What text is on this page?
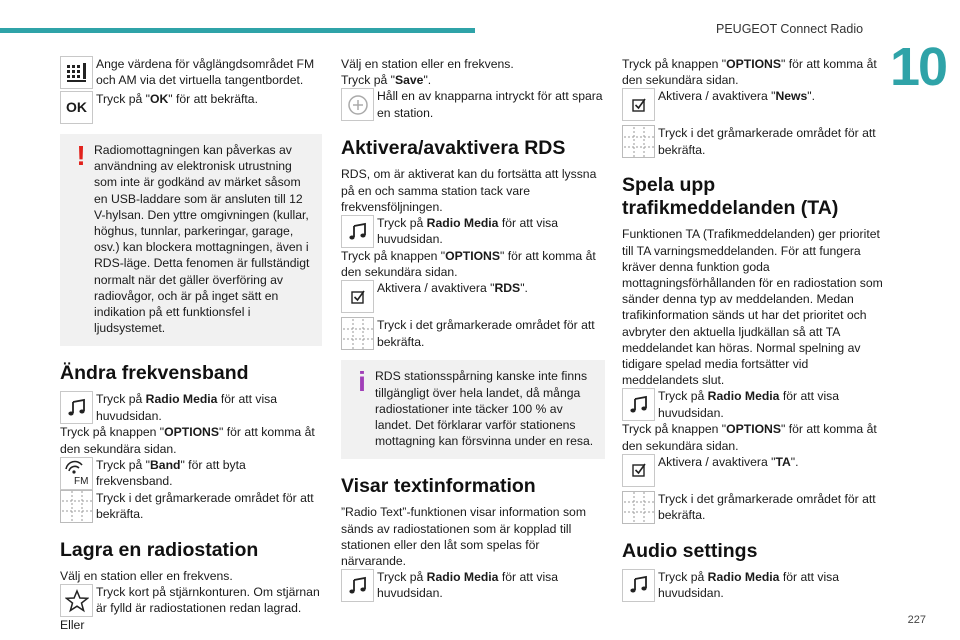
PEUGEOT Connect Radio
10
227
Ange värdena för våglängdsområdet FM och AM via det virtuella tangentbordet.
OK
Tryck på "OK" för att bekräfta.
! Radiomottagningen kan påverkas av användning av elektronisk utrustning som inte är godkänd av märket såsom en USB-laddare som är ansluten till 12 V-hylsan. Den yttre omgivningen (kullar, höghus, tunnlar, parkeringar, garage, osv.) kan blockera mottagningen, även i RDS-läge. Detta fenomen är fullständigt normalt när det gäller överföring av radiovågor, och är på inget sätt en indikation på ett funktionsfel i ljudsystemet.
Ändra frekvensband
Tryck på Radio Media för att visa huvudsidan.
Tryck på knappen "OPTIONS" för att komma åt den sekundära sidan.
FM
Tryck på "Band" för att byta frekvensband.
Tryck i det gråmarkerade området för att bekräfta.
Lagra en radiostation
Välj en station eller en frekvens.
Tryck kort på stjärnkonturen. Om stjärnan är fylld är radiostationen redan lagrad.
Eller
Välj en station eller en frekvens.
Tryck på "Save".
Håll en av knapparna intryckt för att spara en station.
Aktivera/avaktivera RDS
RDS, om är aktiverat kan du fortsätta att lyssna på en och samma station tack vare frekvensföljningen.
Tryck på Radio Media för att visa huvudsidan.
Tryck på knappen "OPTIONS" för att komma åt den sekundära sidan.
Aktivera / avaktivera "RDS".
Tryck i det gråmarkerade området för att bekräfta.
i RDS stationsspårning kanske inte finns tillgängligt över hela landet, då många radiostationer inte täcker 100 % av landet. Det förklarar varför stationens mottagning kan försvinna under en resa.
Visar textinformation
”Radio Text”-funktionen visar information som sänds av radiostationen som är kopplad till stationen eller den låt som spelas för närvarande.
Tryck på Radio Media för att visa huvudsidan.
Tryck på knappen "OPTIONS" för att komma åt den sekundära sidan.
Aktivera / avaktivera "News".
Tryck i det gråmarkerade området för att bekräfta.
Spela upp trafikmeddelanden (TA)
Funktionen TA (Trafikmeddelanden) ger prioritet till TA varningsmeddelanden. För att fungera kräver denna funktion goda mottagningsförhållanden för en radiostation som sänder denna typ av meddelanden. Medan trafikinformation sänds ut har det prioritet och avbryter den aktuella ljudkällan så att TA meddelandet kan höras. Normal spelning av tidigare spelad media fortsätter vid meddelandets slut.
Tryck på Radio Media för att visa huvudsidan.
Tryck på knappen "OPTIONS" för att komma åt den sekundära sidan.
Aktivera / avaktivera "TA".
Tryck i det gråmarkerade området för att bekräfta.
Audio settings
Tryck på Radio Media för att visa huvudsidan.
